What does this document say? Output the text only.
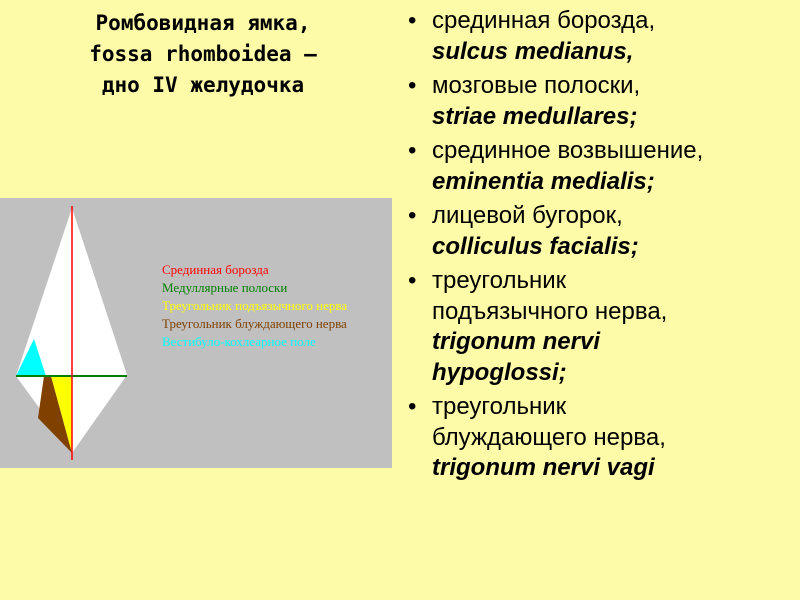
Ромбовидная ямка,
fossa rhomboidea –
дно IV желудочка
Срединная борозда
Медуллярные полоски
Треугольник подъязычного нерва
Треугольник блуждающего нерва
Вестибуло-кохлеарное поле
• срединная борозда,
sulcus medianus,
• мозговые полоски,
striae medullares;
• срединное возвышение,
eminentia medialis;
• лицевой бугорок,
colliculus facialis;
• треугольник
подъязычного нерва,
trigonum nervi
hypoglossi;
• треугольник
блуждающего нерва,
trigonum nervi vagi
